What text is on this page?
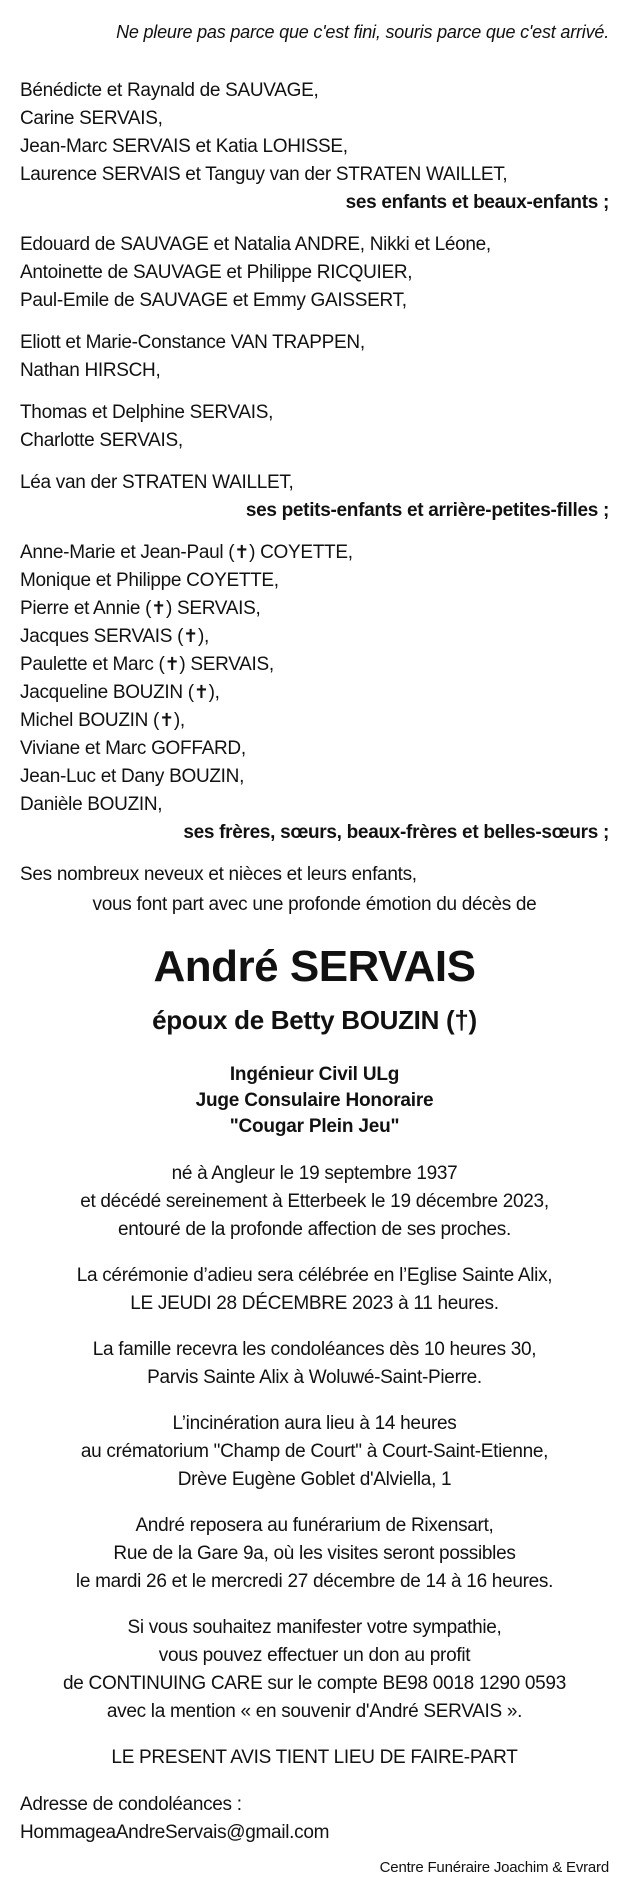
Ne pleure pas parce que c'est fini, souris parce que c'est arrivé.
Bénédicte et Raynald de SAUVAGE,
Carine SERVAIS,
Jean-Marc SERVAIS et Katia LOHISSE,
Laurence SERVAIS et Tanguy van der STRATEN WAILLET,
ses enfants et beaux-enfants ;
Edouard de SAUVAGE et Natalia ANDRE, Nikki et Léone,
Antoinette de SAUVAGE et Philippe RICQUIER,
Paul-Emile de SAUVAGE et Emmy GAISSERT,
Eliott et Marie-Constance VAN TRAPPEN,
Nathan HIRSCH,
Thomas et Delphine SERVAIS,
Charlotte SERVAIS,
Léa van der STRATEN WAILLET,
ses petits-enfants et arrière-petites-filles ;
Anne-Marie et Jean-Paul (✝) COYETTE,
Monique et Philippe COYETTE,
Pierre et Annie (✝) SERVAIS,
Jacques SERVAIS (✝),
Paulette et Marc (✝) SERVAIS,
Jacqueline BOUZIN (✝),
Michel BOUZIN (✝),
Viviane et Marc GOFFARD,
Jean-Luc et Dany BOUZIN,
Danièle BOUZIN,
ses frères, sœurs, beaux-frères et belles-sœurs ;
Ses nombreux neveux et nièces et leurs enfants,
vous font part avec une profonde émotion du décès de
André SERVAIS
époux de Betty BOUZIN (†)
Ingénieur Civil ULg
Juge Consulaire Honoraire
"Cougar Plein Jeu"
né à Angleur le 19 septembre 1937
et décédé sereinement à Etterbeek le 19 décembre 2023,
entouré de la profonde affection de ses proches.
La cérémonie d’adieu sera célébrée en l’Eglise Sainte Alix,
LE JEUDI 28 DÉCEMBRE 2023 à 11 heures.
La famille recevra les condoléances dès 10 heures 30,
Parvis Sainte Alix à Woluwé-Saint-Pierre.
L’incinération aura lieu à 14 heures
au crématorium "Champ de Court" à Court-Saint-Etienne,
Drève Eugène Goblet d'Alviella, 1
André reposera au funérarium de Rixensart,
Rue de la Gare 9a, où les visites seront possibles
le mardi 26 et le mercredi 27 décembre de 14 à 16 heures.
Si vous souhaitez manifester votre sympathie,
vous pouvez effectuer un don au profit
de CONTINUING CARE sur le compte BE98 0018 1290 0593
avec la mention « en souvenir d'André SERVAIS ».
LE PRESENT AVIS TIENT LIEU DE FAIRE-PART
Adresse de condoléances :
HommageaAndreServais@gmail.com
Centre Funéraire Joachim & Evrard
